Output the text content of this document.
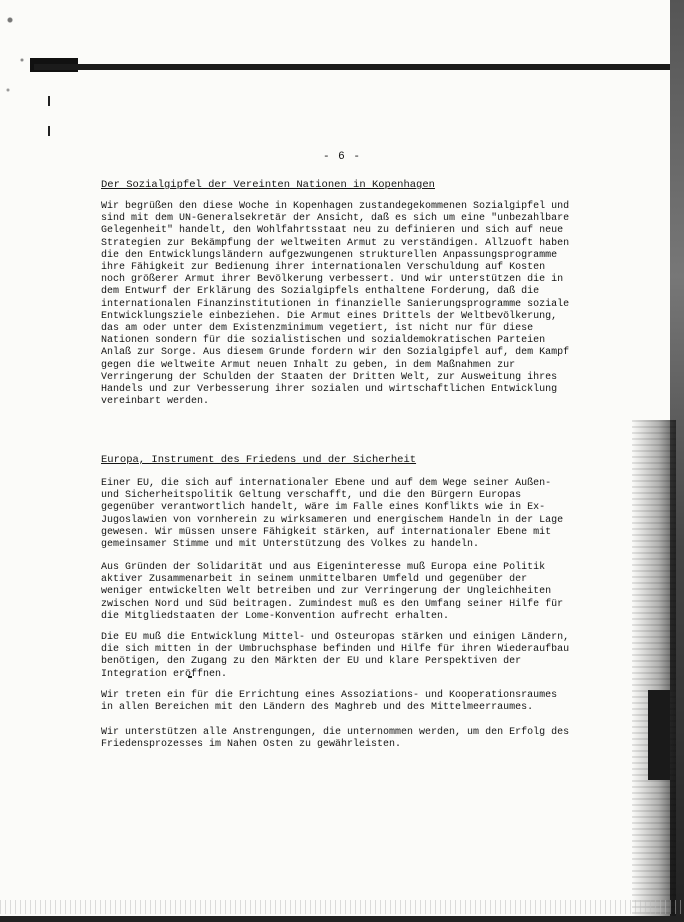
- 6 -
Der Sozialgipfel der Vereinten Nationen in Kopenhagen

Wir begrüßen den diese Woche in Kopenhagen zustandegekommenen Sozialgipfel und
sind mit dem UN-Generalsekretär der Ansicht, daß es sich um eine "unbezahlbare
Gelegenheit" handelt, den Wohlfahrtsstaat neu zu definieren und sich auf neue
Strategien zur Bekämpfung der weltweiten Armut zu verständigen. Allzuoft haben
die den Entwicklungsländern aufgezwungenen strukturellen Anpassungsprogramme
ihre Fähigkeit zur Bedienung ihrer internationalen Verschuldung auf Kosten
noch größerer Armut ihrer Bevölkerung verbessert. Und wir unterstützen die in
dem Entwurf der Erklärung des Sozialgipfels enthaltene Forderung, daß die
internationalen Finanzinstitutionen in finanzielle Sanierungsprogramme soziale
Entwicklungsziele einbeziehen. Die Armut eines Drittels der Weltbevölkerung,
das am oder unter dem Existenzminimum vegetiert, ist nicht nur für diese
Nationen sondern für die sozialistischen und sozialdemokratischen Parteien
Anlaß zur Sorge. Aus diesem Grunde fordern wir den Sozialgipfel auf, dem Kampf
gegen die weltweite Armut neuen Inhalt zu geben, in dem Maßnahmen zur
Verringerung der Schulden der Staaten der Dritten Welt, zur Ausweitung ihres
Handels und zur Verbesserung ihrer sozialen und wirtschaftlichen Entwicklung
vereinbart werden.

Europa, Instrument des Friedens und der Sicherheit

Einer EU, die sich auf internationaler Ebene und auf dem Wege seiner Außen-
und Sicherheitspolitik Geltung verschafft, und die den Bürgern Europas
gegenüber verantwortlich handelt, wäre im Falle eines Konflikts wie in Ex-
Jugoslawien von vornherein zu wirksameren und energischem Handeln in der Lage
gewesen. Wir müssen unsere Fähigkeit stärken, auf internationaler Ebene mit
gemeinsamer Stimme und mit Unterstützung des Volkes zu handeln.

Aus Gründen der Solidarität und aus Eigeninteresse muß Europa eine Politik
aktiver Zusammenarbeit in seinem unmittelbaren Umfeld und gegenüber der
weniger entwickelten Welt betreiben und zur Verringerung der Ungleichheiten
zwischen Nord und Süd beitragen. Zumindest muß es den Umfang seiner Hilfe für
die Mitgliedstaaten der Lome-Konvention aufrecht erhalten.

Die EU muß die Entwicklung Mittel- und Osteuropas stärken und einigen Ländern,
die sich mitten in der Umbruchsphase befinden und Hilfe für ihren Wiederaufbau
benötigen, den Zugang zu den Märkten der EU und klare Perspektiven der
Integration eröffnen.

Wir treten ein für die Errichtung eines Assoziations- und Kooperationsraumes
in allen Bereichen mit den Ländern des Maghreb und des Mittelmeerraumes.

Wir unterstützen alle Anstrengungen, die unternommen werden, um den Erfolg des
Friedensprozesses im Nahen Osten zu gewährleisten.
